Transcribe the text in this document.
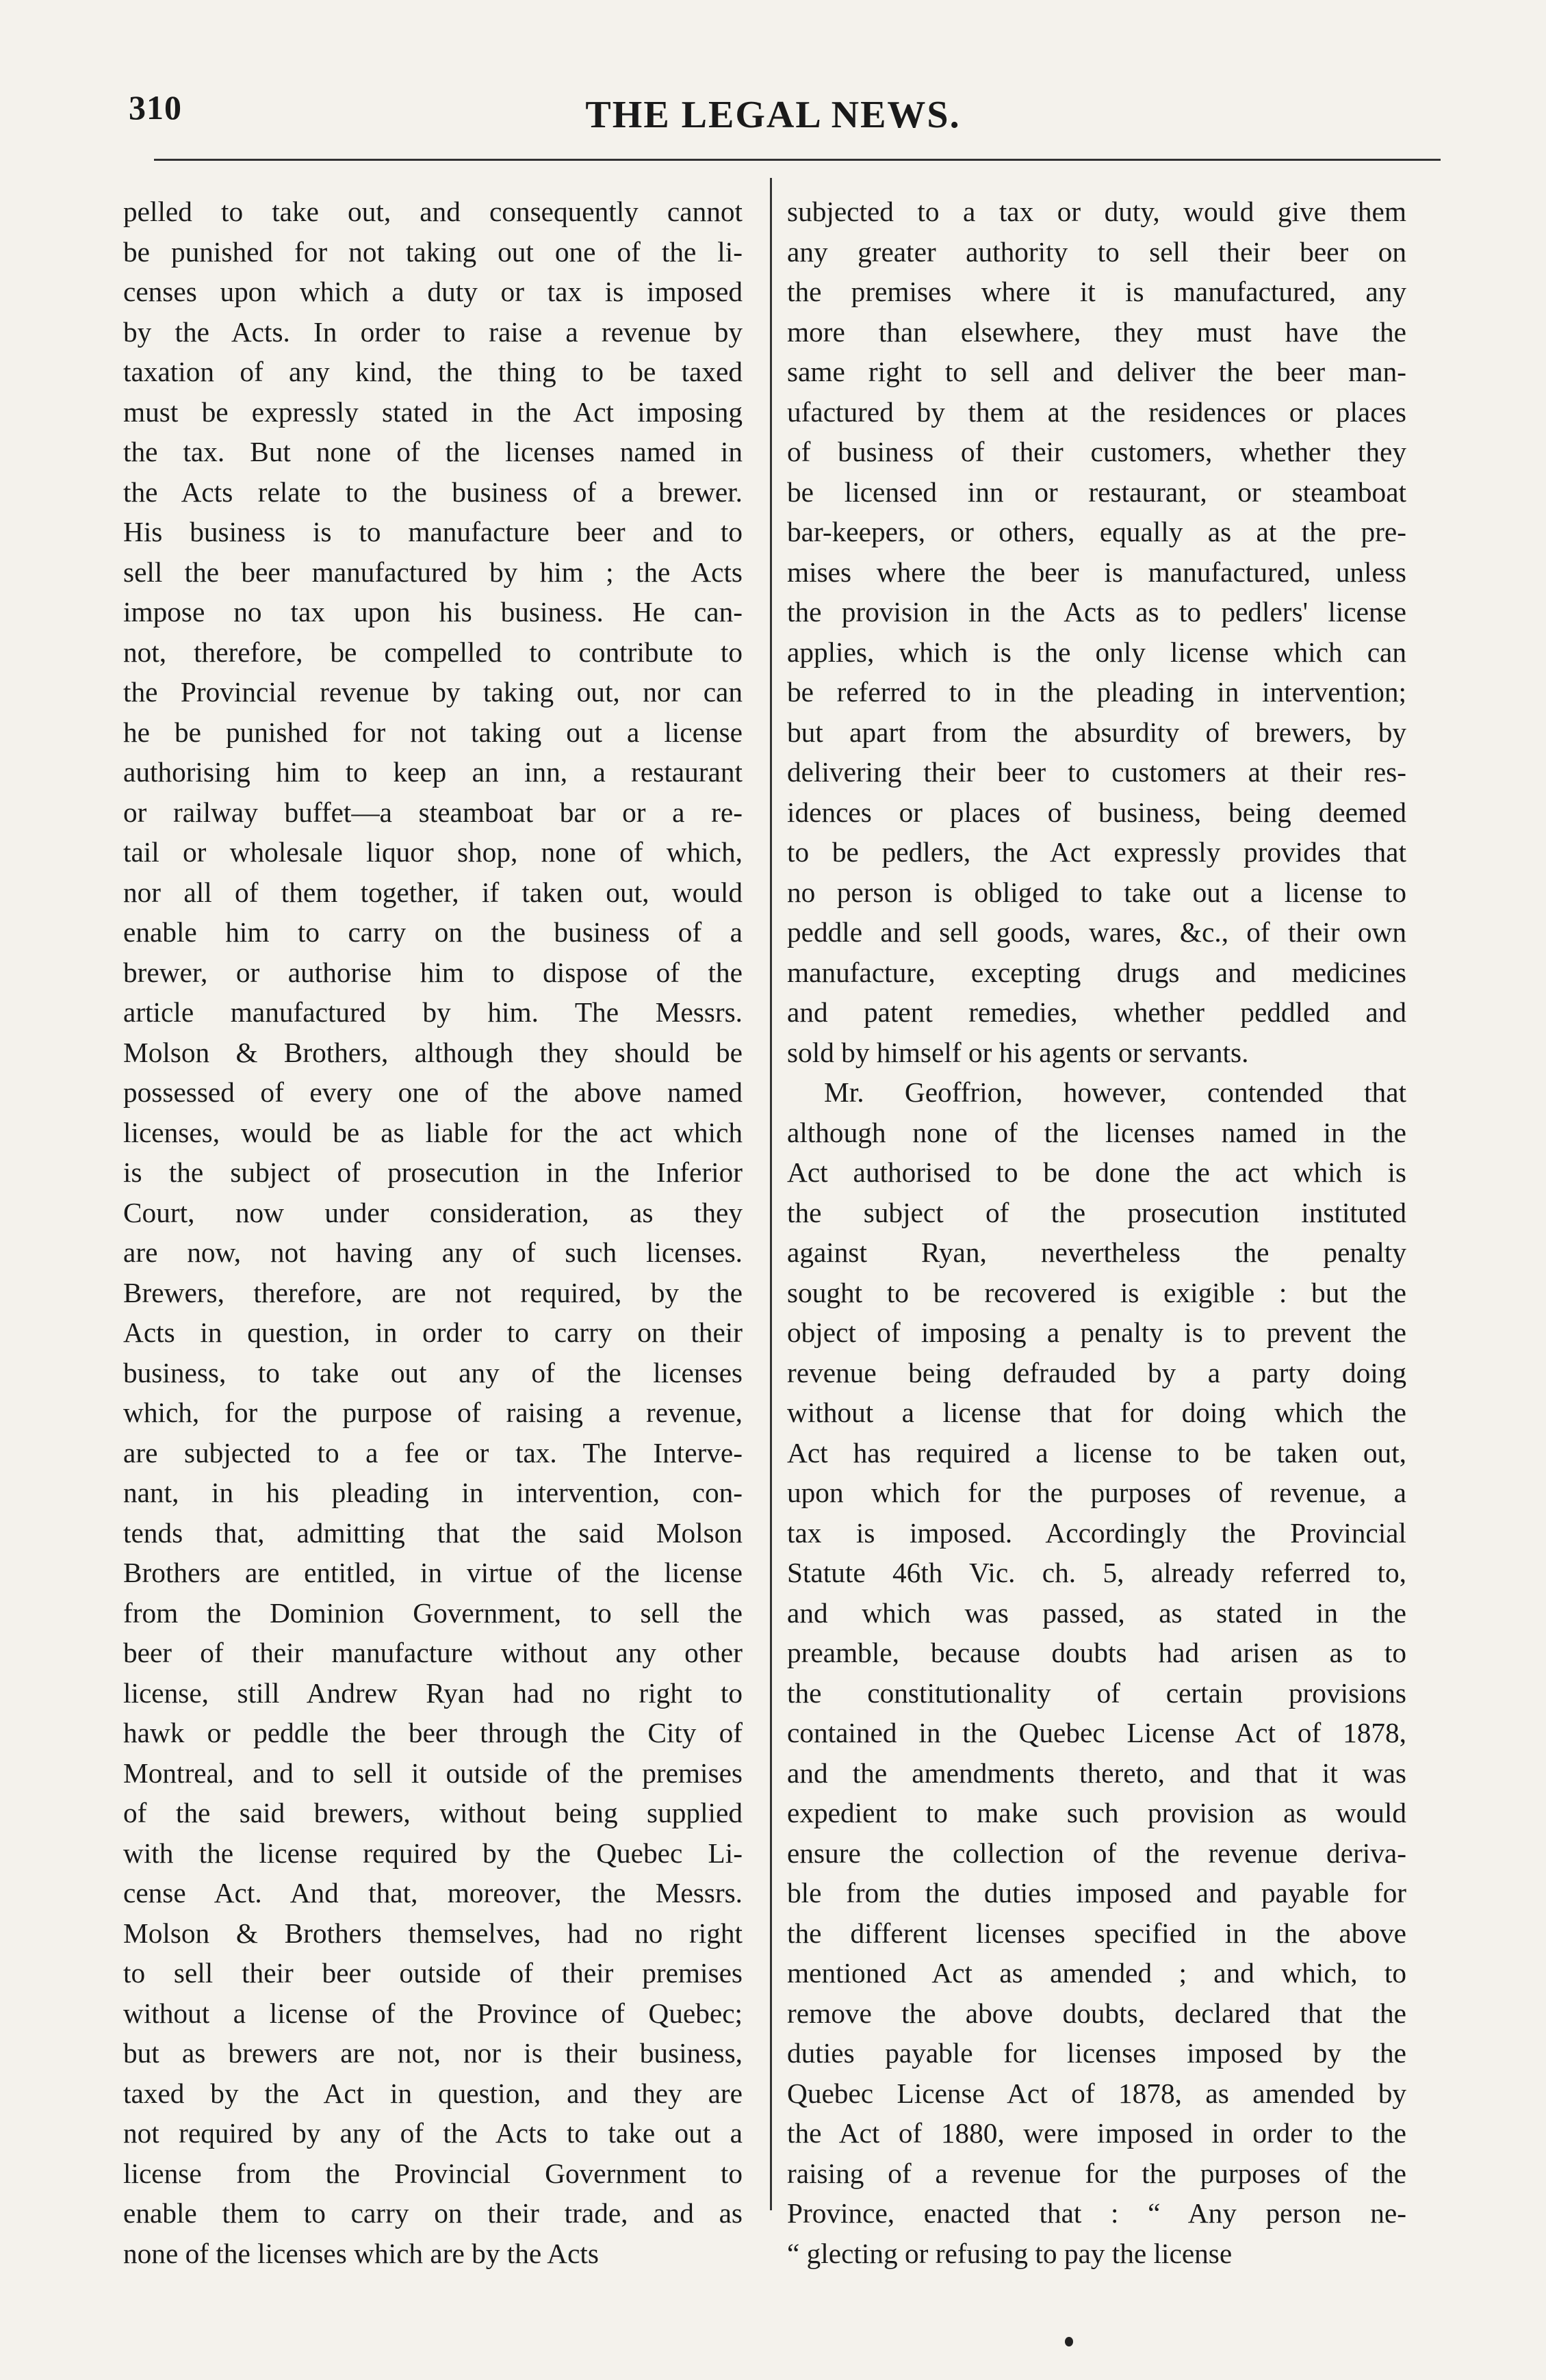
310	THE LEGAL NEWS.
pelled to take out, and consequently cannot
be punished for not taking out one of the li-
censes upon which a duty or tax is imposed
by the Acts. In order to raise a revenue by
taxation of any kind, the thing to be taxed
must be expressly stated in the Act imposing
the tax. But none of the licenses named in
the Acts relate to the business of a brewer.
His business is to manufacture beer and to
sell the beer manufactured by him ; the Acts
impose no tax upon his business. He can-
not, therefore, be compelled to contribute to
the Provincial revenue by taking out, nor can
he be punished for not taking out a license
authorising him to keep an inn, a restaurant
or railway buffet—a steamboat bar or a re-
tail or wholesale liquor shop, none of which,
nor all of them together, if taken out, would
enable him to carry on the business of a
brewer, or authorise him to dispose of the
article manufactured by him. The Messrs.
Molson & Brothers, although they should be
possessed of every one of the above named
licenses, would be as liable for the act which
is the subject of prosecution in the Inferior
Court, now under consideration, as they
are now, not having any of such licenses.
Brewers, therefore, are not required, by the
Acts in question, in order to carry on their
business, to take out any of the licenses
which, for the purpose of raising a revenue,
are subjected to a fee or tax. The Interve-
nant, in his pleading in intervention, con-
tends that, admitting that the said Molson
Brothers are entitled, in virtue of the license
from the Dominion Government, to sell the
beer of their manufacture without any other
license, still Andrew Ryan had no right to
hawk or peddle the beer through the City of
Montreal, and to sell it outside of the premises
of the said brewers, without being supplied
with the license required by the Quebec Li-
cense Act. And that, moreover, the Messrs.
Molson & Brothers themselves, had no right
to sell their beer outside of their premises
without a license of the Province of Quebec;
but as brewers are not, nor is their business,
taxed by the Act in question, and they are
not required by any of the Acts to take out a
license from the Provincial Government to
enable them to carry on their trade, and as
none of the licenses which are by the Acts
subjected to a tax or duty, would give them
any greater authority to sell their beer on
the premises where it is manufactured, any
more than elsewhere, they must have the
same right to sell and deliver the beer man-
ufactured by them at the residences or places
of business of their customers, whether they
be licensed inn or restaurant, or steamboat
bar-keepers, or others, equally as at the pre-
mises where the beer is manufactured, unless
the provision in the Acts as to pedlers' license
applies, which is the only license which can
be referred to in the pleading in intervention;
but apart from the absurdity of brewers, by
delivering their beer to customers at their res-
idences or places of business, being deemed
to be pedlers, the Act expressly provides that
no person is obliged to take out a license to
peddle and sell goods, wares, &c., of their own
manufacture, excepting drugs and medicines
and patent remedies, whether peddled and
sold by himself or his agents or servants.
Mr. Geoffrion, however, contended that
although none of the licenses named in the
Act authorised to be done the act which is
the subject of the prosecution instituted
against Ryan, nevertheless the penalty
sought to be recovered is exigible : but the
object of imposing a penalty is to prevent the
revenue being defrauded by a party doing
without a license that for doing which the
Act has required a license to be taken out,
upon which for the purposes of revenue, a
tax is imposed. Accordingly the Provincial
Statute 46th Vic. ch. 5, already referred to,
and which was passed, as stated in the
preamble, because doubts had arisen as to
the constitutionality of certain provisions
contained in the Quebec License Act of 1878,
and the amendments thereto, and that it was
expedient to make such provision as would
ensure the collection of the revenue deriva-
ble from the duties imposed and payable for
the different licenses specified in the above
mentioned Act as amended ; and which, to
remove the above doubts, declared that the
duties payable for licenses imposed by the
Quebec License Act of 1878, as amended by
the Act of 1880, were imposed in order to the
raising of a revenue for the purposes of the
Province, enacted that : “ Any person ne-
“ glecting or refusing to pay the license
